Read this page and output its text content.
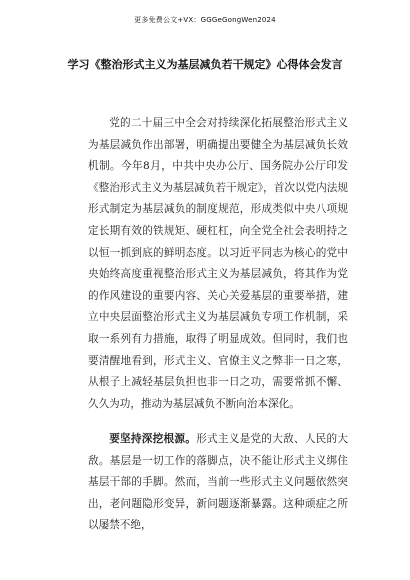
更多免费公文+VX：GGGeGongWen2024
学习《整治形式主义为基层减负若干规定》心得体会发言

党的二十届三中全会对持续深化拓展整治形式主义为基层减负作出部署，明确提出要健全为基层减负长效机制。今年8月，中共中央办公厅、国务院办公厅印发《整治形式主义为基层减负若干规定》，首次以党内法规形式制定为基层减负的制度规范，形成类似中央八项规定长期有效的铁规矩、硬杠杠，向全党全社会表明持之以恒一抓到底的鲜明态度。以习近平同志为核心的党中央始终高度重视整治形式主义为基层减负，将其作为党的作风建设的重要内容、关心关爱基层的重要举措，建立中央层面整治形式主义为基层减负专项工作机制，采取一系列有力措施，取得了明显成效。但同时，我们也要清醒地看到，形式主义、官僚主义之弊非一日之寒，从根子上减轻基层负担也非一日之功，需要常抓不懈、久久为功，推动为基层减负不断向治本深化。

要坚持深挖根源。形式主义是党的大敌、人民的大敌。基层是一切工作的落脚点，决不能让形式主义绑住基层干部的手脚。然而，当前一些形式主义问题依然突出，老问题隐形变异，新问题逐渐暴露。这种顽症之所以屡禁不绝，
